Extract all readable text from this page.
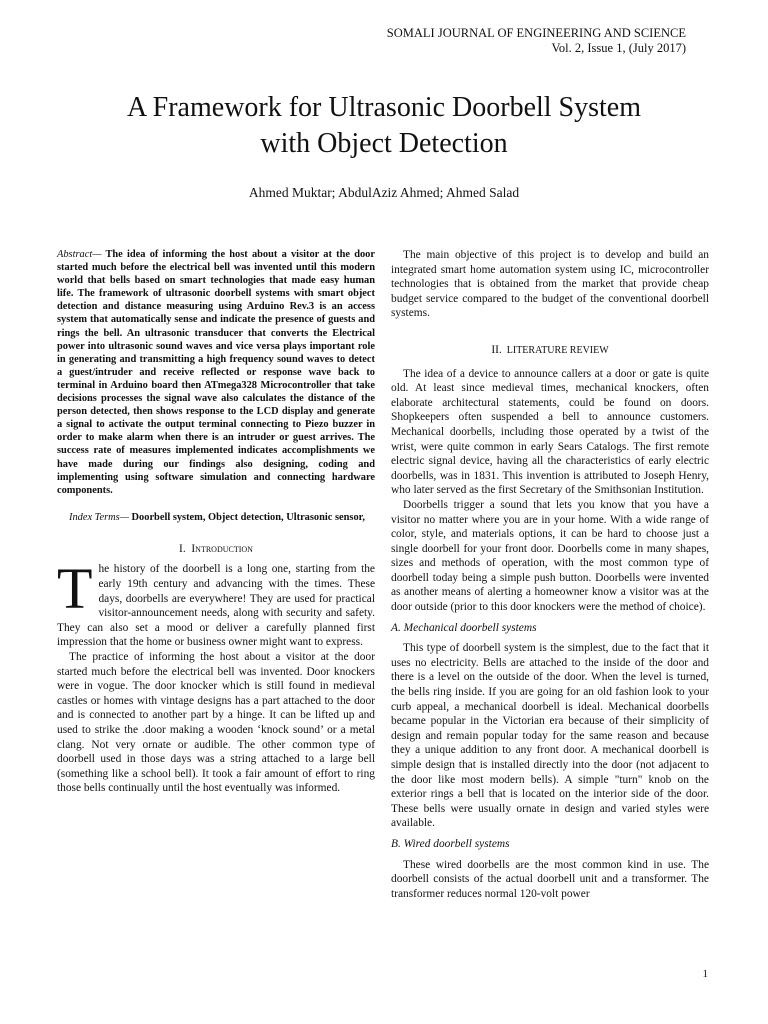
SOMALI JOURNAL OF ENGINEERING AND SCIENCE
Vol. 2, Issue 1, (July 2017)
A Framework for Ultrasonic Doorbell System with Object Detection
Ahmed Muktar; AbdulAziz Ahmed; Ahmed Salad

Abstract— The idea of informing the host about a visitor at the door started much before the electrical bell was invented until this modern world that bells based on smart technologies that made easy human life. The framework of ultrasonic doorbell systems with smart object detection and distance measuring using Arduino Rev.3 is an access system that automatically sense and indicate the presence of guests and rings the bell. An ultrasonic transducer that converts the Electrical power into ultrasonic sound waves and vice versa plays important role in generating and transmitting a high frequency sound waves to detect a guest/intruder and receive reflected or response wave back to terminal in Arduino board then ATmega328 Microcontroller that take decisions processes the signal wave also calculates the distance of the person detected, then shows response to the LCD display and generate a signal to activate the output terminal connecting to Piezo buzzer in order to make alarm when there is an intruder or guest arrives. The success rate of measures implemented indicates accomplishments we have made during our findings also designing, coding and implementing using software simulation and connecting hardware components.

Index Terms— Doorbell system, Object detection, Ultrasonic sensor,

I. Introduction

The history of the doorbell is a long one, starting from the early 19th century and advancing with the times. These days, doorbells are everywhere! They are used for practical visitor-announcement needs, along with security and safety. They can also set a mood or deliver a carefully planned first impression that the home or business owner might want to express.

The practice of informing the host about a visitor at the door started much before the electrical bell was invented. Door knockers were in vogue. The door knocker which is still found in medieval castles or homes with vintage designs has a part attached to the door and is connected to another part by a hinge. It can be lifted up and used to strike the .door making a wooden ‘knock sound’ or a metal clang. Not very ornate or audible. The other common type of doorbell used in those days was a string attached to a large bell (something like a school bell). It took a fair amount of effort to ring those bells continually until the host eventually was informed.

The main objective of this project is to develop and build an integrated smart home automation system using IC, microcontroller technologies that is obtained from the market that provide cheap budget service compared to the budget of the conventional doorbell systems.

II. LITERATURE REVIEW

The idea of a device to announce callers at a door or gate is quite old. At least since medieval times, mechanical knockers, often elaborate architectural statements, could be found on doors. Shopkeepers often suspended a bell to announce customers. Mechanical doorbells, including those operated by a twist of the wrist, were quite common in early Sears Catalogs. The first remote electric signal device, having all the characteristics of early electric doorbells, was in 1831. This invention is attributed to Joseph Henry, who later served as the first Secretary of the Smithsonian Institution.

Doorbells trigger a sound that lets you know that you have a visitor no matter where you are in your home. With a wide range of color, style, and materials options, it can be hard to choose just a single doorbell for your front door. Doorbells come in many shapes, sizes and methods of operation, with the most common type of doorbell today being a simple push button. Doorbells were invented as another means of alerting a homeowner know a visitor was at the door outside (prior to this door knockers were the method of choice).

A. Mechanical doorbell systems

This type of doorbell system is the simplest, due to the fact that it uses no electricity. Bells are attached to the inside of the door and there is a level on the outside of the door. When the level is turned, the bells ring inside. If you are going for an old fashion look to your curb appeal, a mechanical doorbell is ideal. Mechanical doorbells became popular in the Victorian era because of their simplicity of design and remain popular today for the same reason and because they a unique addition to any front door. A mechanical doorbell is simple design that is installed directly into the door (not adjacent to the door like most modern bells). A simple "turn" knob on the exterior rings a bell that is located on the interior side of the door. These bells were usually ornate in design and varied styles were available.

B. Wired doorbell systems

These wired doorbells are the most common kind in use. The doorbell consists of the actual doorbell unit and a transformer. The transformer reduces normal 120-volt power

1
